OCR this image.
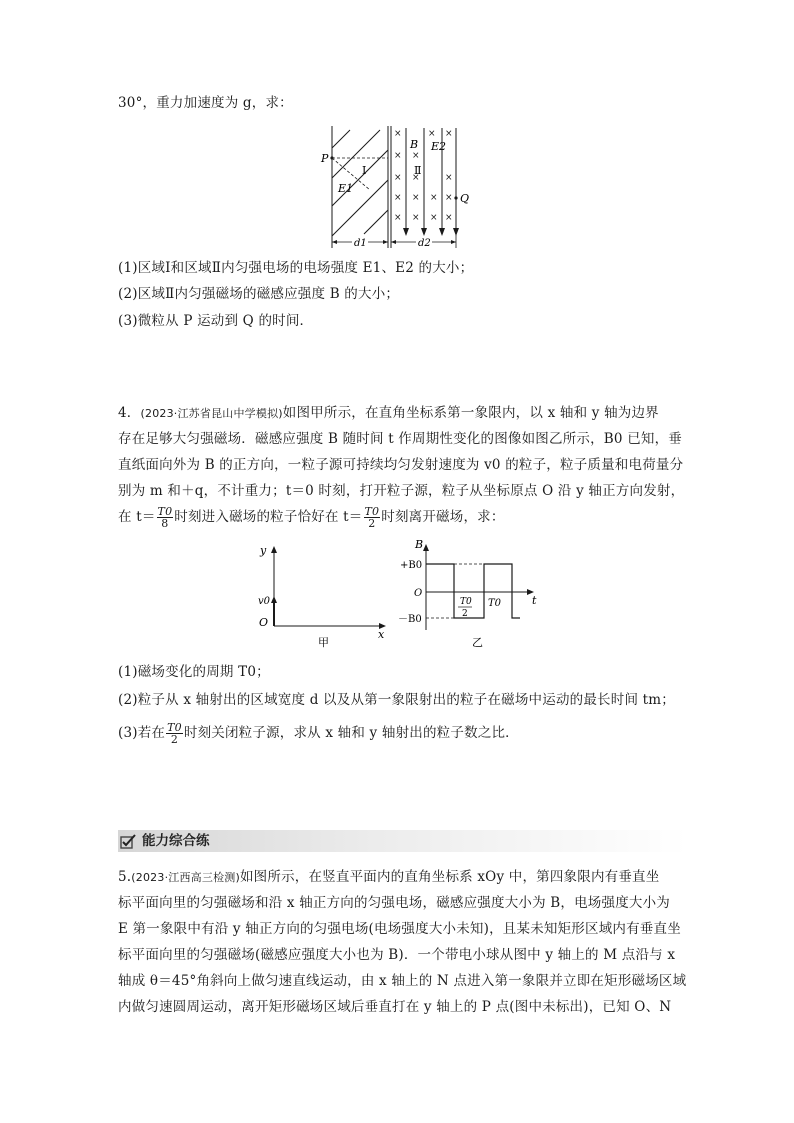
30°，重力加速度为 g，求：
×
×
×
×
×
×
×
×
×
×
×
×
×
×
×
×
P
Q
B E2
E1
Ⅰ	Ⅱ
d1	d2
(1)区域Ⅰ和区域Ⅱ内匀强电场的电场强度 E1、E2 的大小；
(2)区域Ⅱ内匀强磁场的磁感应强度 B 的大小；
(3)微粒从 P 运动到 Q 的时间．
4．(2023·江苏省昆山中学模拟)如图甲所示，在直角坐标系第一象限内，以 x 轴和 y 轴为边界
存在足够大匀强磁场．磁感应强度 B 随时间 t 作周期性变化的图像如图乙所示，B0 已知，垂
直纸面向外为 B 的正方向，一粒子源可持续均匀发射速度为 v0 的粒子，粒子质量和电荷量分
别为 m 和＋q，不计重力；t＝0 时刻，打开粒子源，粒子从坐标原点 O 沿 y 轴正方向发射，
在 $t= \frac{T0}{8}$ 时刻进入磁场的粒子恰好在 $t= \frac{T0}{2}$ 时刻离开磁场，求：
y
v0
O
x
甲
B
+B0
O
－B0
T0
2
T0	t
乙
(1)磁场变化的周期 T0；
(2)粒子从 x 轴射出的区域宽度 d 以及从第一象限射出的粒子在磁场中运动的最长时间 tm；
(3)若在 $\frac{T0}{2}$ 时刻关闭粒子源，求从 x 轴和 y 轴射出的粒子数之比．
能力综合练
5.(2023·江西高三检测)如图所示，在竖直平面内的直角坐标系 xOy 中，第四象限内有垂直坐
标平面向里的匀强磁场和沿 x 轴正方向的匀强电场，磁感应强度大小为 B，电场强度大小为
E 第一象限中有沿 y 轴正方向的匀强电场(电场强度大小未知)，且某未知矩形区域内有垂直坐
标平面向里的匀强磁场(磁感应强度大小也为 B)．一个带电小球从图中 y 轴上的 M 点沿与 x
轴成 θ＝45°角斜向上做匀速直线运动，由 x 轴上的 N 点进入第一象限并立即在矩形磁场区域
内做匀速圆周运动，离开矩形磁场区域后垂直打在 y 轴上的 P 点(图中未标出)，已知 O、N
